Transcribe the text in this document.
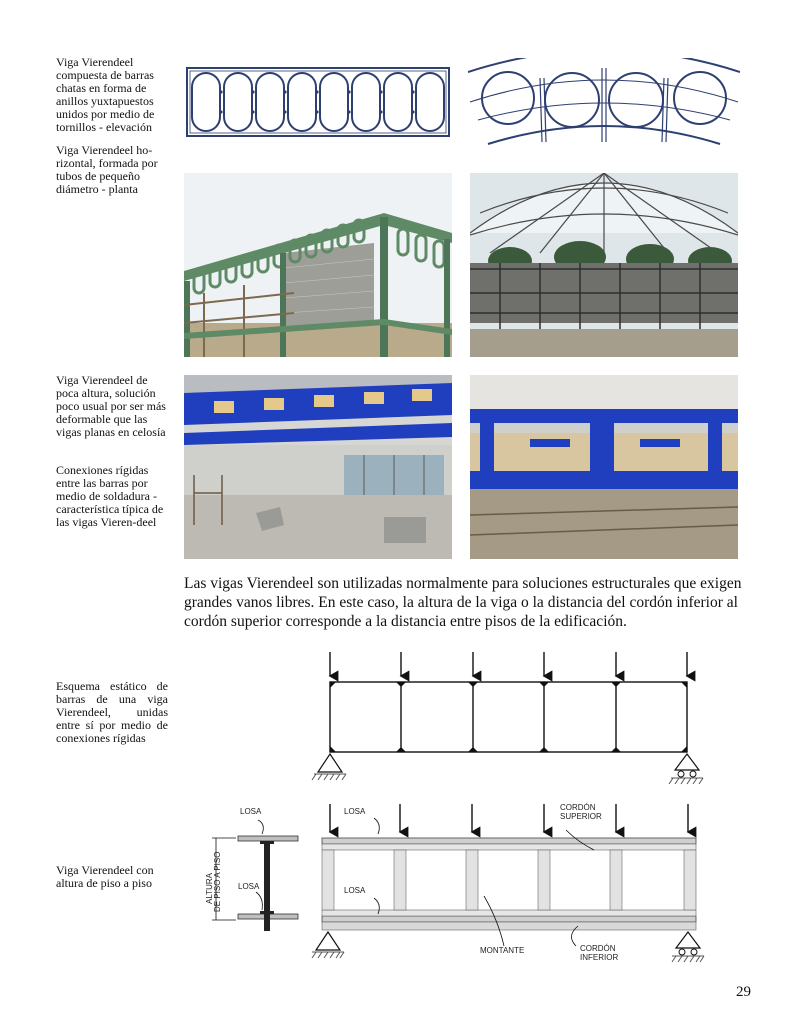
Viga Vierendeel compuesta de barras chatas en forma de anillos yuxtapuestos unidos por medio de tornillos - elevación
Viga Vierendeel ho-rizontal, formada por tubos de pequeño diámetro - planta
Viga Vierendeel de poca altura, solución poco usual por ser más deformable que las vigas planas en celosía
Conexiones rígidas entre las barras por medio de soldadura -característica típica de las vigas Vieren-deel
Esquema estático de barras de una viga Vierendeel, unidas entre sí por medio de conexiones rígidas
Viga Vierendeel con altura de piso a piso
Las vigas Vierendeel son utilizadas normalmente para soluciones estructurales que exigen grandes vanos libres. En este caso, la altura de la viga o la distancia del cordón inferior al cordón superior corresponde a la distancia entre pisos de la edificación.
LOSA
LOSA
ALTURA DE PISO A PISO
LOSA
LOSA
CORDÓN
SUPERIOR
MONTANTE	CORDÓN
INFERIOR
29
